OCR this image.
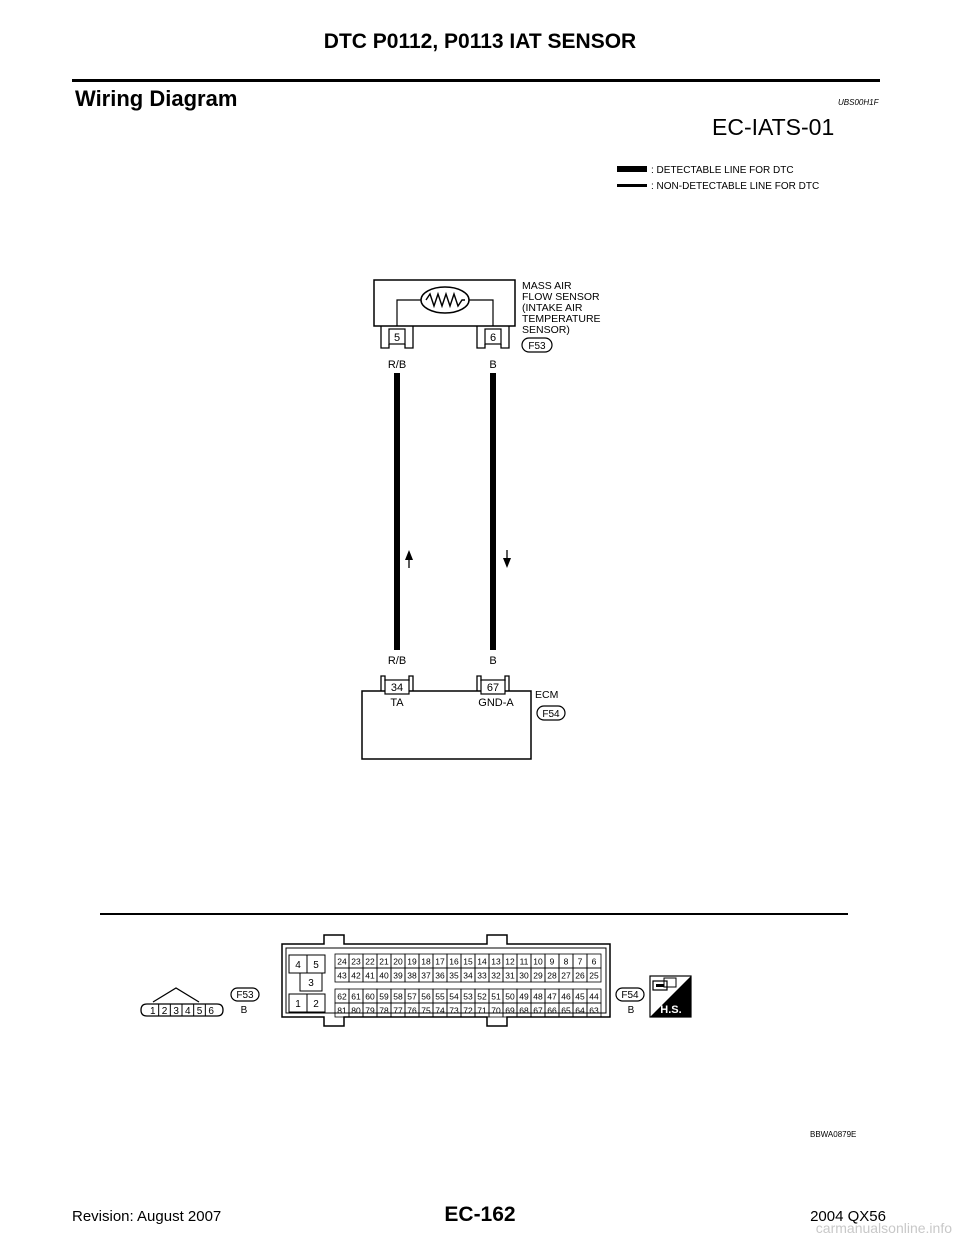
DTC P0112, P0113 IAT SENSOR
Wiring Diagram	UBS00H1F
EC-IATS-01
: DETECTABLE LINE FOR DTC
: NON-DETECTABLE LINE FOR DTC
5	6
MASS AIR
FLOW SENSOR
(INTAKE AIR
TEMPERATURE
SENSOR)
F53
R/B	B
R/B	B
34	67
TA	GND-A
ECM
F54
1 2 3 4 5 6
F53
B
4 5
3
1 2
24 23 22 21 20 19 18 17 16 15 14 13 12 11 10 9 8 7 6
43 42 41 40 39 38 37 36 35 34 33 32 31 30 29 28 27 26 25
62 61 60 59 58 57 56 55 54 53 52 51 50 49 48 47 46 45 44
81 80 79 78 77 76 75 74 73 72 71 70 69 68 67 66 65 64 63
F54
B H.S.
BBWA0879E
Revision: August 2007	EC-162	2004 QX56
carmanualsonline.info
